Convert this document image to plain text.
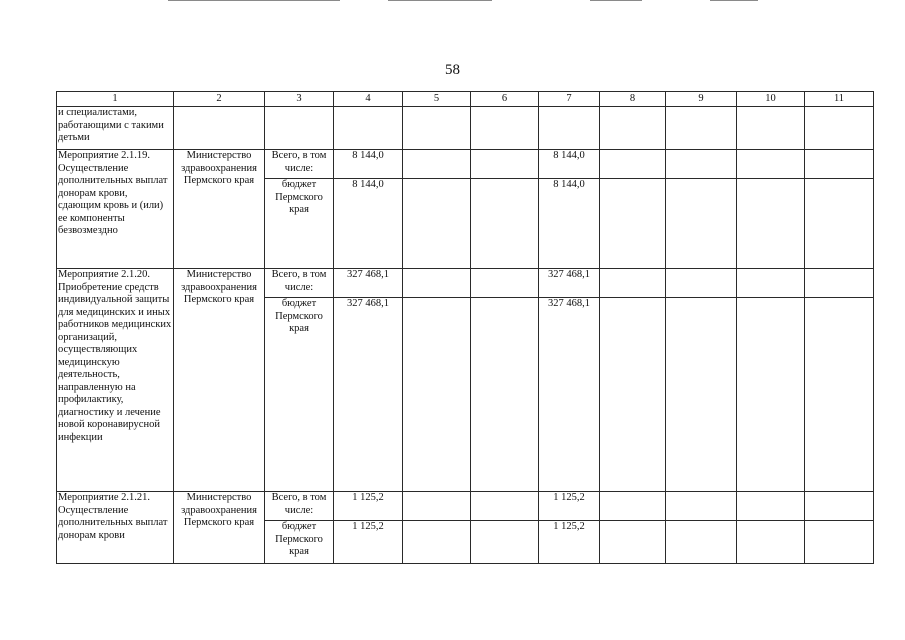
58
1	2	3	4	5	6	7	8	9	10	11
и специалистами, работающими с такими детьми										
Мероприятие 2.1.19. Осуществление дополнительных выплат донорам крови, сдающим кровь и (или) ее компоненты безвозмездно	Министерство здравоохранения Пермского края	Всего, в том числе:	8 144,0			8 144,0				
		бюджет Пермского края	8 144,0			8 144,0				
Мероприятие 2.1.20. Приобретение средств индивидуальной защиты для медицинских и иных работников медицинских организаций, осуществляющих медицинскую деятельность, направленную на профилактику, диагностику и лечение новой коронавирусной инфекции	Министерство здравоохранения Пермского края	Всего, в том числе:	327 468,1			327 468,1				
		бюджет Пермского края	327 468,1			327 468,1				
Мероприятие 2.1.21. Осуществление дополнительных выплат донорам крови	Министерство здравоохранения Пермского края	Всего, в том числе:	1 125,2			1 125,2				
		бюджет Пермского края	1 125,2			1 125,2				
